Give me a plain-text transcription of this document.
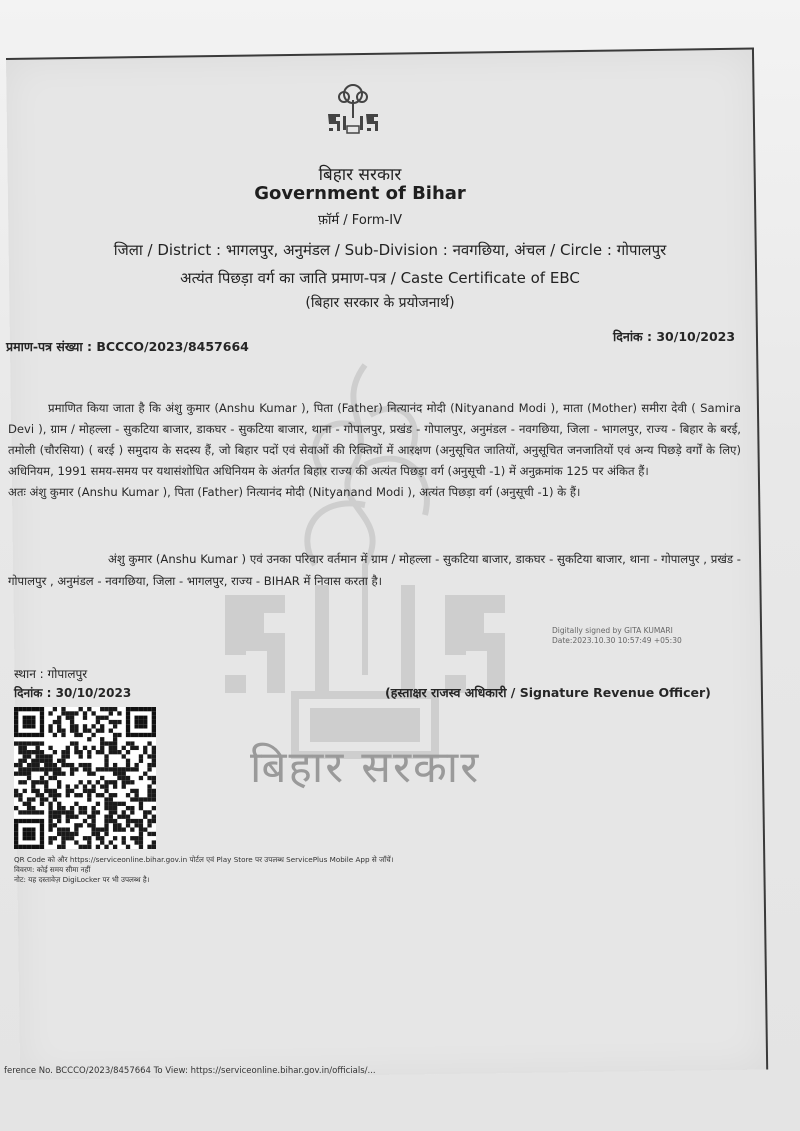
बिहार सरकार
बिहार सरकार
Government of Bihar
फ़ॉर्म / Form-IV
जिला / District : भागलपुर, अनुमंडल / Sub-Division : नवगछिया, अंचल / Circle : गोपालपुर
अत्यंत पिछड़ा वर्ग का जाति प्रमाण-पत्र / Caste Certificate of EBC
(बिहार सरकार के प्रयोजनार्थ)
प्रमाण-पत्र संख्या : BCCCO/2023/8457664
दिनांक : 30/10/2023

प्रमाणित किया जाता है कि अंशु कुमार (Anshu Kumar ), पिता (Father) नित्यानंद मोदी (Nityanand Modi ), माता (Mother) समीरा देवी ( Samira Devi ), ग्राम / मोहल्ला - सुकटिया बाजार, डाकघर - सुकटिया बाजार, थाना - गोपालपुर, प्रखंड - गोपालपुर, अनुमंडल - नवगछिया, जिला - भागलपुर, राज्य - बिहार के बरई, तमोली (चौरसिया) ( बरई ) समुदाय के सदस्य हैं, जो बिहार पदों एवं सेवाओं की रिक्तियों में आरक्षण (अनुसूचित जातियों, अनुसूचित जनजातियों एवं अन्य पिछड़े वर्गों के लिए) अधिनियम, 1991 समय-समय पर यथासंशोधित अधिनियम के अंतर्गत बिहार राज्य की अत्यंत पिछड़ा वर्ग (अनुसूची -1) में अनुक्रमांक 125 पर अंकित हैं।

अतः अंशु कुमार (Anshu Kumar ), पिता (Father) नित्यानंद मोदी (Nityanand Modi ), अत्यंत पिछड़ा वर्ग (अनुसूची -1) के हैं।

अंशु कुमार (Anshu Kumar ) एवं उनका परिवार वर्तमान में ग्राम / मोहल्ला - सुकटिया बाजार, डाकघर - सुकटिया बाजार, थाना - गोपालपुर , प्रखंड - गोपालपुर , अनुमंडल - नवगछिया, जिला - भागलपुर, राज्य - BIHAR में निवास करता है।

Digitally signed by GITA KUMARI
Date:2023.10.30 10:57:49 +05:30
स्थान : गोपालपुर
दिनांक : 30/10/2023	(हस्ताक्षर राजस्व अधिकारी / Signature Revenue Officer)
QR Code को और https://serviceonline.bihar.gov.in पोर्टल एवं Play Store पर उपलब्ध ServicePlus Mobile App से जाँचें।
विवरण: कोई समय सीमा नहीं
नोट: यह दस्तावेज़ DigiLocker पर भी उपलब्ध है।
ference No. BCCCO/2023/8457664 To View: https://serviceonline.bihar.gov.in/officials/...
